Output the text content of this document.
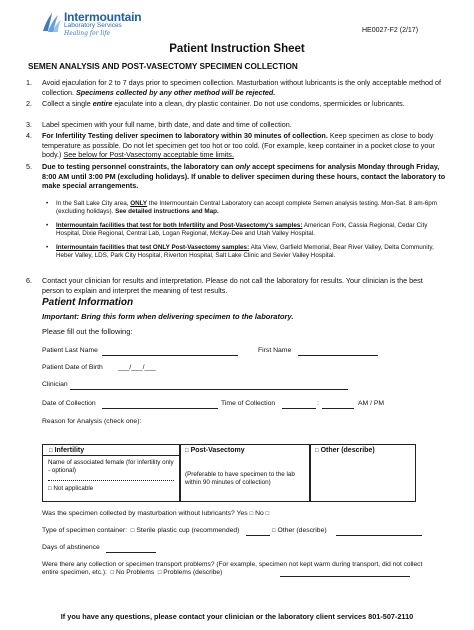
Intermountain
Laboratory Services
Healing for life	HE0027-F2 (2/17)
Patient Instruction Sheet
SEMEN ANALYSIS AND POST-VASECTOMY SPECIMEN COLLECTION
1. Avoid ejaculation for 2 to 7 days prior to specimen collection. Masturbation without lubricants is the only acceptable method of collection. Specimens collected by any other method will be rejected.
2. Collect a single entire ejaculate into a clean, dry plastic container. Do not use condoms, spermicides or lubricants.
3. Label specimen with your full name, birth date, and date and time of collection.
4. For Infertility Testing deliver specimen to laboratory within 30 minutes of collection. Keep specimen as close to body temperature as possible. Do not let specimen get too hot or too cold. (For example, keep container in a pocket close to your body.) See below for Post-Vasectomy acceptable time limits.
5. Due to testing personnel constraints, the laboratory can only accept specimens for analysis Monday through Friday, 8:00 AM until 3:00 PM (excluding holidays). If unable to deliver specimen during these hours, contact the laboratory to make special arrangements.
• In the Salt Lake City area, ONLY the Intermountain Central Laboratory can accept complete Semen analysis testing. Mon-Sat. 8 am-6pm (excluding holidays). See detailed instructions and Map.
• Intermountain facilities that test for both Infertility and Post-Vasectomy's samples: American Fork, Cassia Regional, Cedar City Hospital, Dixie Regional, Central Lab, Logan Regional, McKay-Dee and Utah Valley Hospital.
• Intermountain facilities that test ONLY Post-Vasectomy samples: Alta View, Garfield Memorial, Bear River Valley, Delta Community, Heber Valley, LDS, Park City Hospital, Riverton Hospital, Salt Lake Clinic and Sevier Valley Hospital.
6. Contact your clinician for results and interpretation. Please do not call the laboratory for results. Your clinician is the best person to explain and interpret the meaning of test results.
Patient Information
Important: Bring this form when delivering specimen to the laboratory.
Please fill out the following:
Patient Last Name	First Name
Patient Date of Birth ___/___/___
Clinician
Date of Collection	Time of Collection	:	AM / PM
Reason for Analysis (check one):
□ Infertility
Name of associated female (for infertility only - optional)
□ Not applicable
□ Post-Vasectomy
(Preferable to have specimen to the lab within 90 minutes of collection)
□ Other (describe)
Was the specimen collected by masturbation without lubricants? Yes □ No □
Type of specimen container: □ Sterile plastic cup (recommended)	□ Other (describe)
Days of abstinence
Were there any collection or specimen transport problems? (For example, specimen not kept warm during transport, did not collect entire specimen, etc.): □ No Problems □ Problems (describe)
If you have any questions, please contact your clinician or the laboratory client services 801-507-2110
